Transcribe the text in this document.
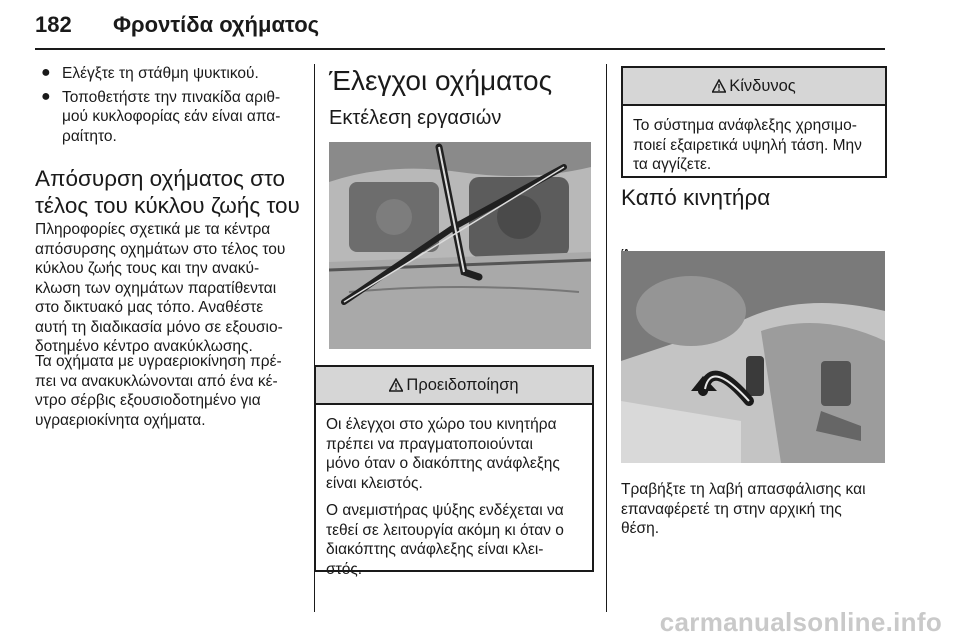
182 Φροντίδα οχήματος
● Ελέγξτε τη στάθμη ψυκτικού.

● Τοποθετήστε την πινακίδα αριθ-
μού κυκλοφορίας εάν είναι απα-
ραίτητο.

Απόσυρση οχήματος στο
τέλος του κύκλου ζωής του

Πληροφορίες σχετικά με τα κέντρα
απόσυρσης οχημάτων στο τέλος του
κύκλου ζωής τους και την ανακύ-
κλωση των οχημάτων παρατίθενται
στο δικτυακό μας τόπο. Αναθέστε
αυτή τη διαδικασία μόνο σε εξουσιο-
δοτημένο κέντρο ανακύκλωσης.

Τα οχήματα με υγραεριοκίνηση πρέ-
πει να ανακυκλώνονται από ένα κέ-
ντρο σέρβις εξουσιοδοτημένο για
υγραεριοκίνητα οχήματα.

Έλεγχοι οχήματος
Εκτέλεση εργασιών
Προειδοποίηση

Οι έλεγχοι στο χώρο του κινητήρα
πρέπει να πραγματοποιούνται
μόνο όταν ο διακόπτης ανάφλεξης
είναι κλειστός.

Ο ανεμιστήρας ψύξης ενδέχεται να
τεθεί σε λειτουργία ακόμη κι όταν ο
διακόπτης ανάφλεξης είναι κλει-
στός.

Κίνδυνος

Το σύστημα ανάφλεξης χρησιμο-
ποιεί εξαιρετικά υψηλή τάση. Μην
τα αγγίζετε.

Καπό κινητήρα

Τραβήξτε τη λαβή απασφάλισης και
επαναφέρετέ τη στην αρχική της
θέση.

carmanualsonline.info
